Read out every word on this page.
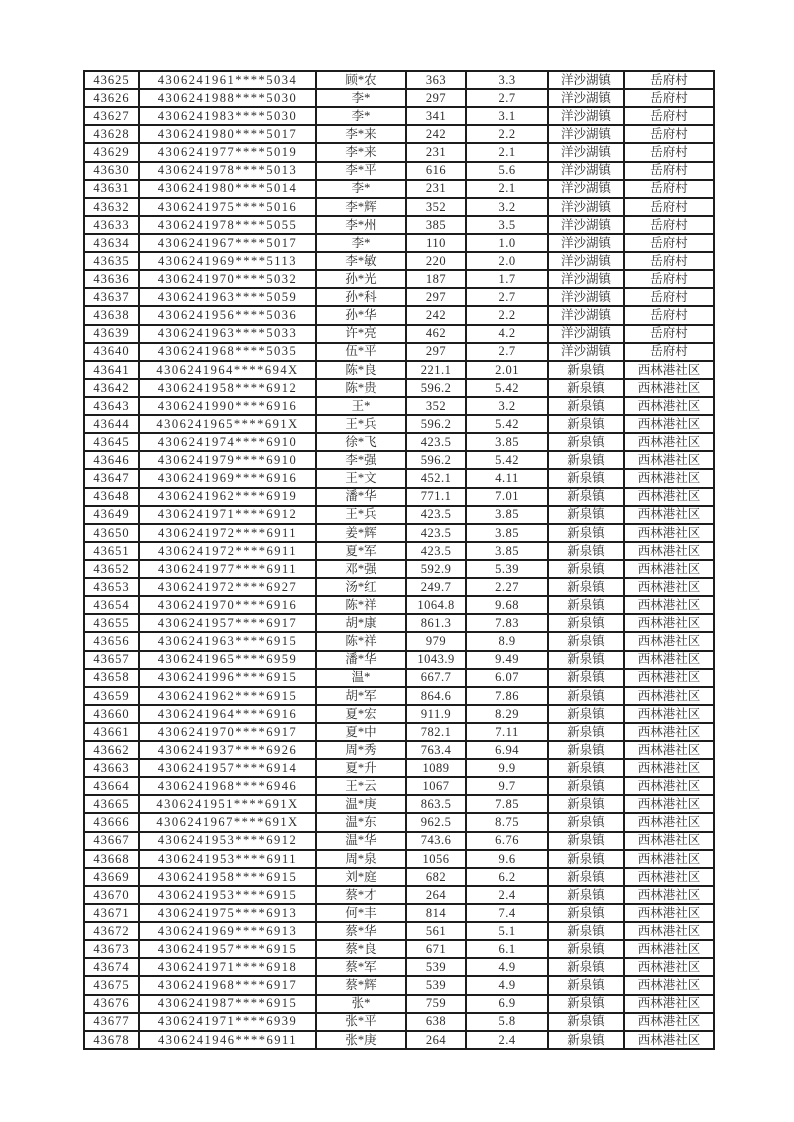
43625	4306241961****5034	顾*农	363	3.3	洋沙湖镇	岳府村
43626	4306241988****5030	李*	297	2.7	洋沙湖镇	岳府村
43627	4306241983****5030	李*	341	3.1	洋沙湖镇	岳府村
43628	4306241980****5017	李*来	242	2.2	洋沙湖镇	岳府村
43629	4306241977****5019	李*来	231	2.1	洋沙湖镇	岳府村
43630	4306241978****5013	李*平	616	5.6	洋沙湖镇	岳府村
43631	4306241980****5014	李*	231	2.1	洋沙湖镇	岳府村
43632	4306241975****5016	李*辉	352	3.2	洋沙湖镇	岳府村
43633	4306241978****5055	李*州	385	3.5	洋沙湖镇	岳府村
43634	4306241967****5017	李*	110	1.0	洋沙湖镇	岳府村
43635	4306241969****5113	李*敏	220	2.0	洋沙湖镇	岳府村
43636	4306241970****5032	孙*光	187	1.7	洋沙湖镇	岳府村
43637	4306241963****5059	孙*科	297	2.7	洋沙湖镇	岳府村
43638	4306241956****5036	孙*华	242	2.2	洋沙湖镇	岳府村
43639	4306241963****5033	许*亮	462	4.2	洋沙湖镇	岳府村
43640	4306241968****5035	伍*平	297	2.7	洋沙湖镇	岳府村
43641	4306241964****694X	陈*良	221.1	2.01	新泉镇	西林港社区
43642	4306241958****6912	陈*贵	596.2	5.42	新泉镇	西林港社区
43643	4306241990****6916	王*	352	3.2	新泉镇	西林港社区
43644	4306241965****691X	王*兵	596.2	5.42	新泉镇	西林港社区
43645	4306241974****6910	徐*飞	423.5	3.85	新泉镇	西林港社区
43646	4306241979****6910	李*强	596.2	5.42	新泉镇	西林港社区
43647	4306241969****6916	王*文	452.1	4.11	新泉镇	西林港社区
43648	4306241962****6919	潘*华	771.1	7.01	新泉镇	西林港社区
43649	4306241971****6912	王*兵	423.5	3.85	新泉镇	西林港社区
43650	4306241972****6911	姜*辉	423.5	3.85	新泉镇	西林港社区
43651	4306241972****6911	夏*军	423.5	3.85	新泉镇	西林港社区
43652	4306241977****6911	邓*强	592.9	5.39	新泉镇	西林港社区
43653	4306241972****6927	汤*红	249.7	2.27	新泉镇	西林港社区
43654	4306241970****6916	陈*祥	1064.8	9.68	新泉镇	西林港社区
43655	4306241957****6917	胡*康	861.3	7.83	新泉镇	西林港社区
43656	4306241963****6915	陈*祥	979	8.9	新泉镇	西林港社区
43657	4306241965****6959	潘*华	1043.9	9.49	新泉镇	西林港社区
43658	4306241996****6915	温*	667.7	6.07	新泉镇	西林港社区
43659	4306241962****6915	胡*军	864.6	7.86	新泉镇	西林港社区
43660	4306241964****6916	夏*宏	911.9	8.29	新泉镇	西林港社区
43661	4306241970****6917	夏*中	782.1	7.11	新泉镇	西林港社区
43662	4306241937****6926	周*秀	763.4	6.94	新泉镇	西林港社区
43663	4306241957****6914	夏*升	1089	9.9	新泉镇	西林港社区
43664	4306241968****6946	王*云	1067	9.7	新泉镇	西林港社区
43665	4306241951****691X	温*庚	863.5	7.85	新泉镇	西林港社区
43666	4306241967****691X	温*东	962.5	8.75	新泉镇	西林港社区
43667	4306241953****6912	温*华	743.6	6.76	新泉镇	西林港社区
43668	4306241953****6911	周*泉	1056	9.6	新泉镇	西林港社区
43669	4306241958****6915	刘*庭	682	6.2	新泉镇	西林港社区
43670	4306241953****6915	蔡*才	264	2.4	新泉镇	西林港社区
43671	4306241975****6913	何*丰	814	7.4	新泉镇	西林港社区
43672	4306241969****6913	蔡*华	561	5.1	新泉镇	西林港社区
43673	4306241957****6915	蔡*良	671	6.1	新泉镇	西林港社区
43674	4306241971****6918	蔡*军	539	4.9	新泉镇	西林港社区
43675	4306241968****6917	蔡*辉	539	4.9	新泉镇	西林港社区
43676	4306241987****6915	张*	759	6.9	新泉镇	西林港社区
43677	4306241971****6939	张*平	638	5.8	新泉镇	西林港社区
43678	4306241946****6911	张*庚	264	2.4	新泉镇	西林港社区
